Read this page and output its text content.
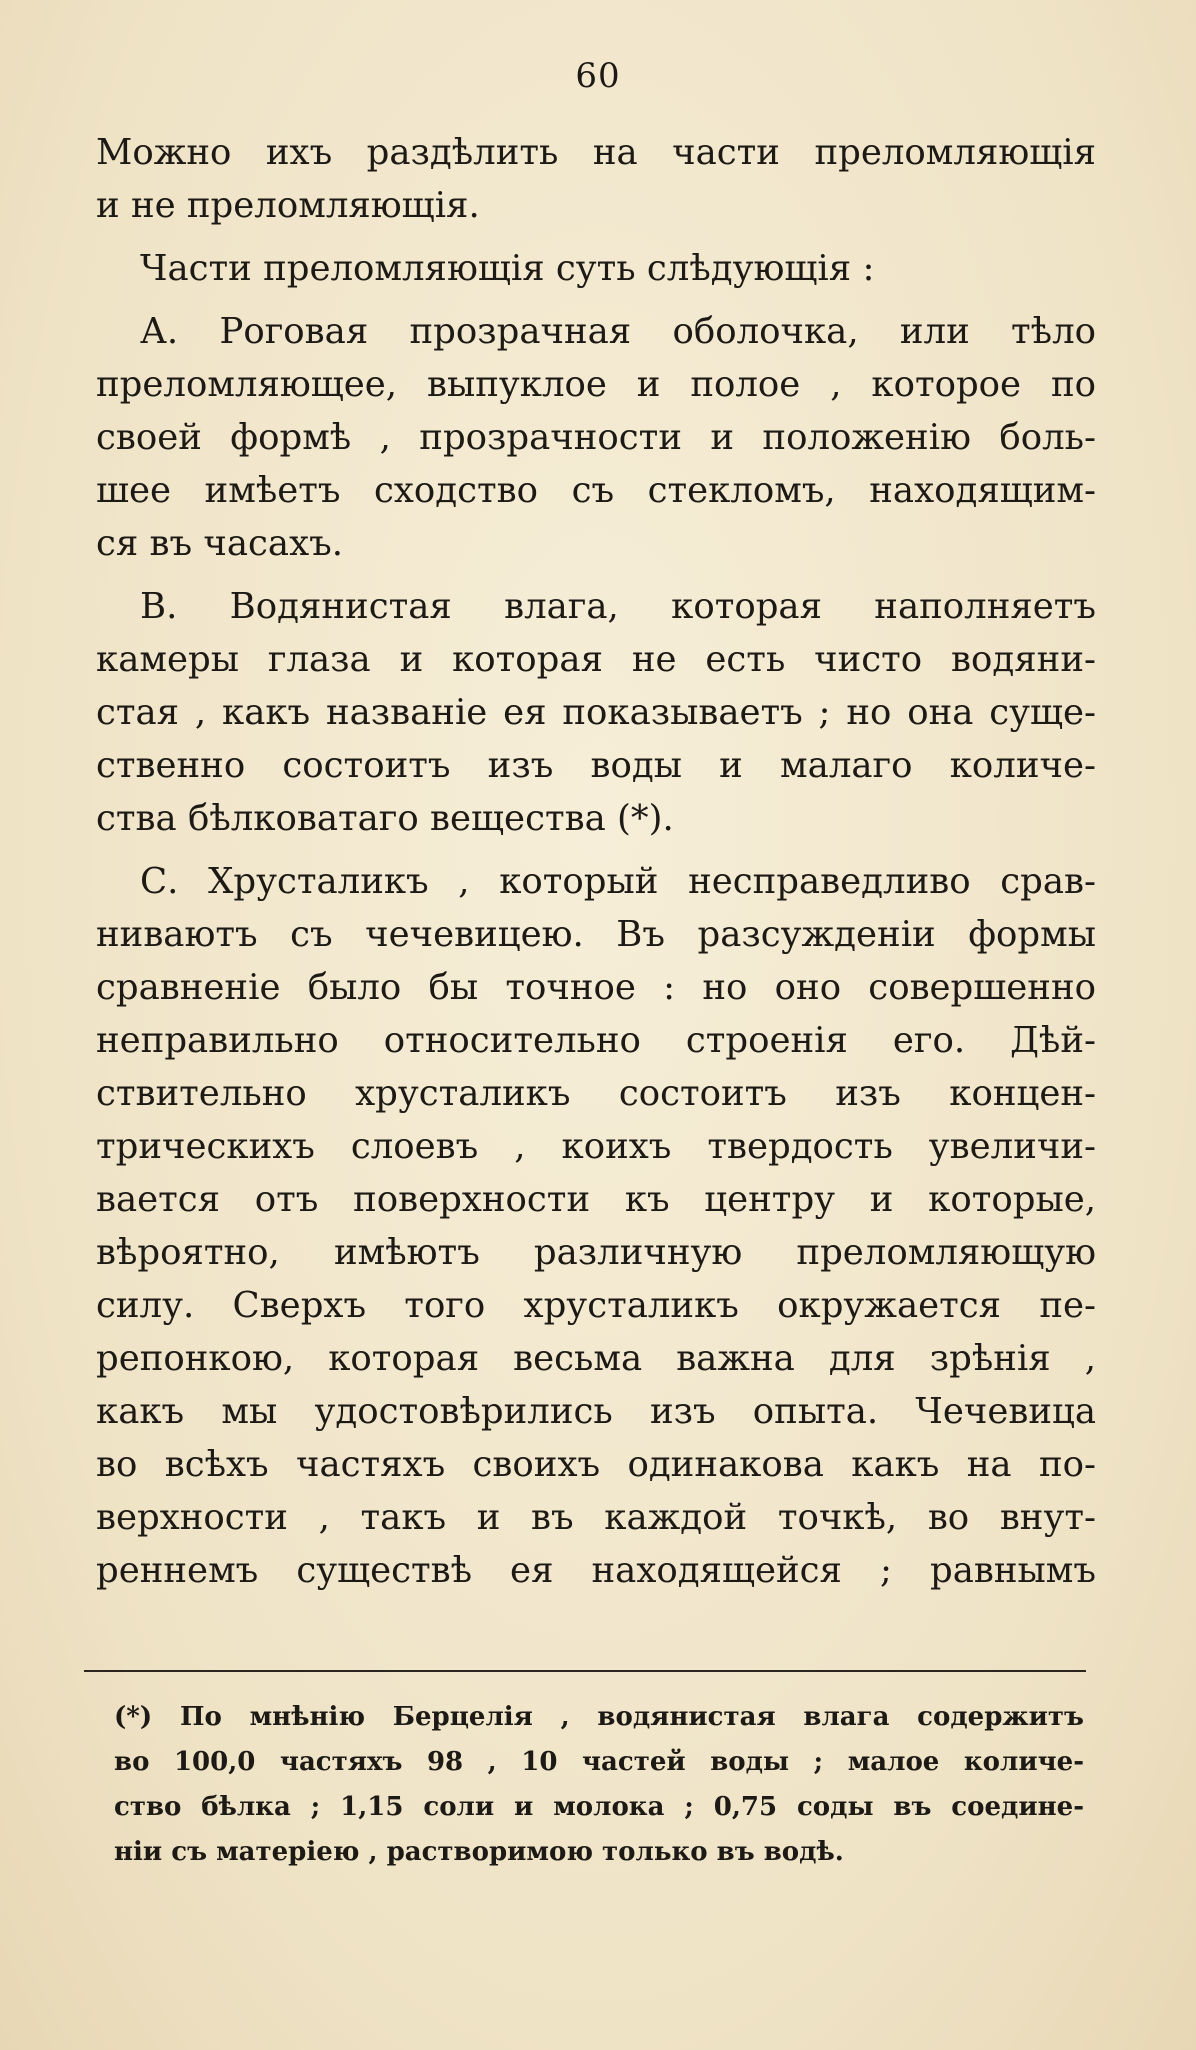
60

Можно ихъ раздѣлить на части преломляющія
и не преломляющія.

Части преломляющія суть слѣдующія :

А. Роговая прозрачная оболочка, или тѣло
преломляющее, выпуклое и полое , которое по
своей формѣ , прозрачности и положенію боль-
шее имѣетъ сходство съ стекломъ, находящим-
ся въ часахъ.

В. Водянистая влага, которая наполняетъ
камеры глаза и которая не есть чисто водяни-
стая , какъ названіе ея показываетъ ; но она суще-
ственно состоитъ изъ воды и малаго количе-
ства бѣлковатаго вещества (*).

С. Хрусталикъ , который несправедливо срав-
ниваютъ съ чечевицею. Въ разсужденіи формы
сравненіе было бы точное : но оно совершенно
неправильно относительно строенія его. Дѣй-
ствительно хрусталикъ состоитъ изъ концен-
трическихъ слоевъ , коихъ твердость увеличи-
вается отъ поверхности къ центру и которые,
вѣроятно, имѣютъ различную преломляющую
силу. Сверхъ того хрусталикъ окружается пе-
репонкою, которая весьма важна для зрѣнія ,
какъ мы удостовѣрились изъ опыта. Чечевица
во всѣхъ частяхъ своихъ одинакова какъ на по-
верхности , такъ и въ каждой точкѣ, во внут-
реннемъ существѣ ея находящейся ; равнымъ

(*) По мнѣнію Берцелія , водянистая влага содержитъ
во 100,0 частяхъ 98 , 10 частей воды ; малое количе-
ство бѣлка ; 1,15 соли и молока ; 0,75 соды въ соедине-
ніи съ матеріею , растворимою только въ водѣ.
